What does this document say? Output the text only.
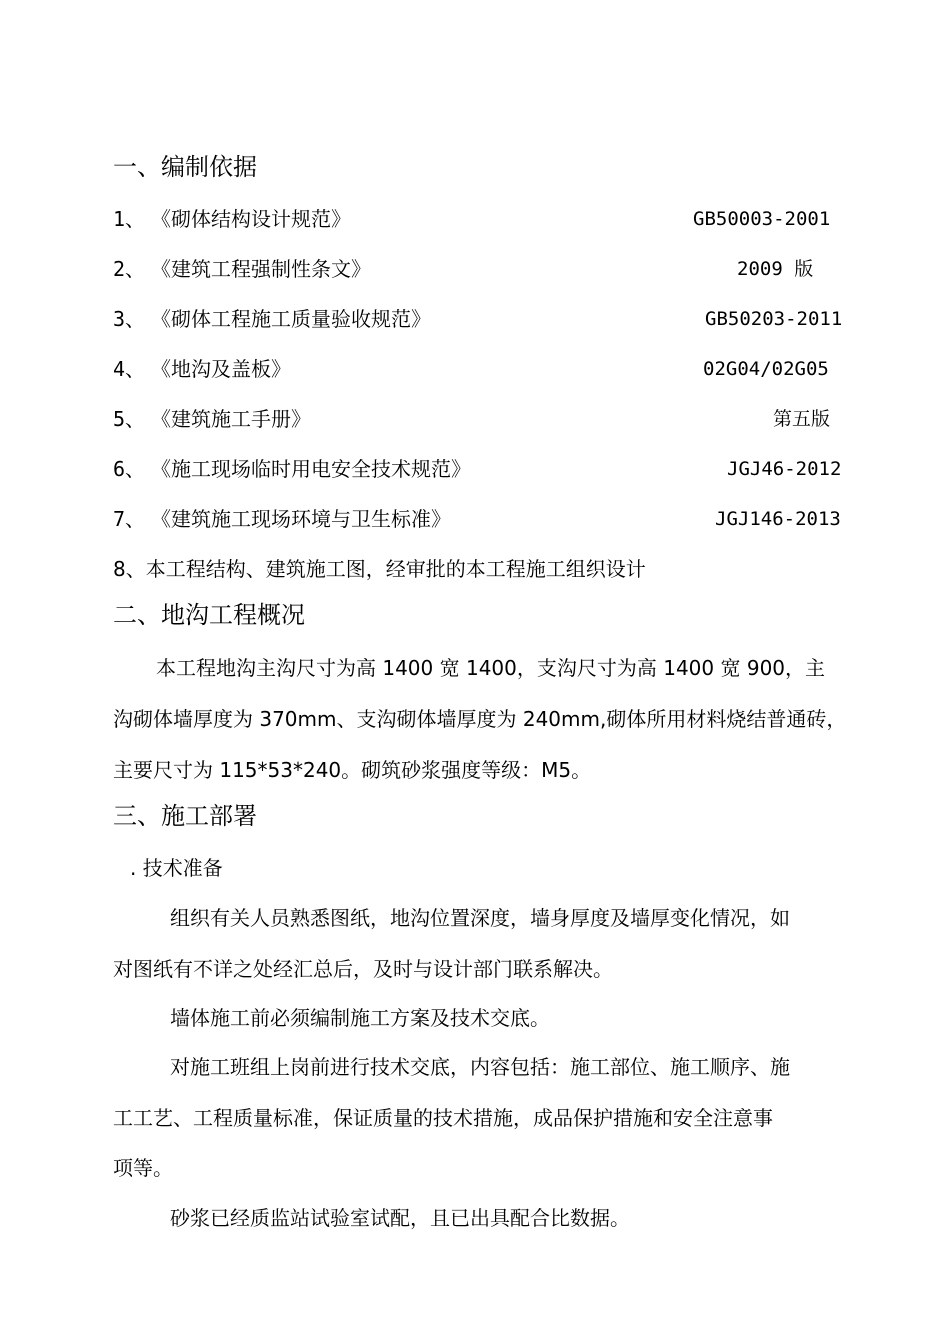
一、编制依据
1、 《砌体结构设计规范》	GB50003-2001
2、 《建筑工程强制性条文》	2009 版
3、 《砌体工程施工质量验收规范》	GB50203-2011
4、 《地沟及盖板》	02G04/02G05
5、 《建筑施工手册》	第五版
6、 《施工现场临时用电安全技术规范》	JGJ46-2012
7、 《建筑施工现场环境与卫生标准》	JGJ146-2013
8、本工程结构、建筑施工图，经审批的本工程施工组织设计
二、地沟工程概况
本工程地沟主沟尺寸为高 1400 宽 1400，支沟尺寸为高 1400 宽 900，主
沟砌体墙厚度为 370mm、支沟砌体墙厚度为 240mm,砌体所用材料烧结普通砖，
主要尺寸为 115*53*240。砌筑砂浆强度等级：M5。
三、施工部署
. 技术准备
组织有关人员熟悉图纸，地沟位置深度，墙身厚度及墙厚变化情况，如
对图纸有不详之处经汇总后，及时与设计部门联系解决。
墙体施工前必须编制施工方案及技术交底。
对施工班组上岗前进行技术交底，内容包括：施工部位、施工顺序、施
工工艺、工程质量标准，保证质量的技术措施，成品保护措施和安全注意事
项等。
砂浆已经质监站试验室试配，且已出具配合比数据。
